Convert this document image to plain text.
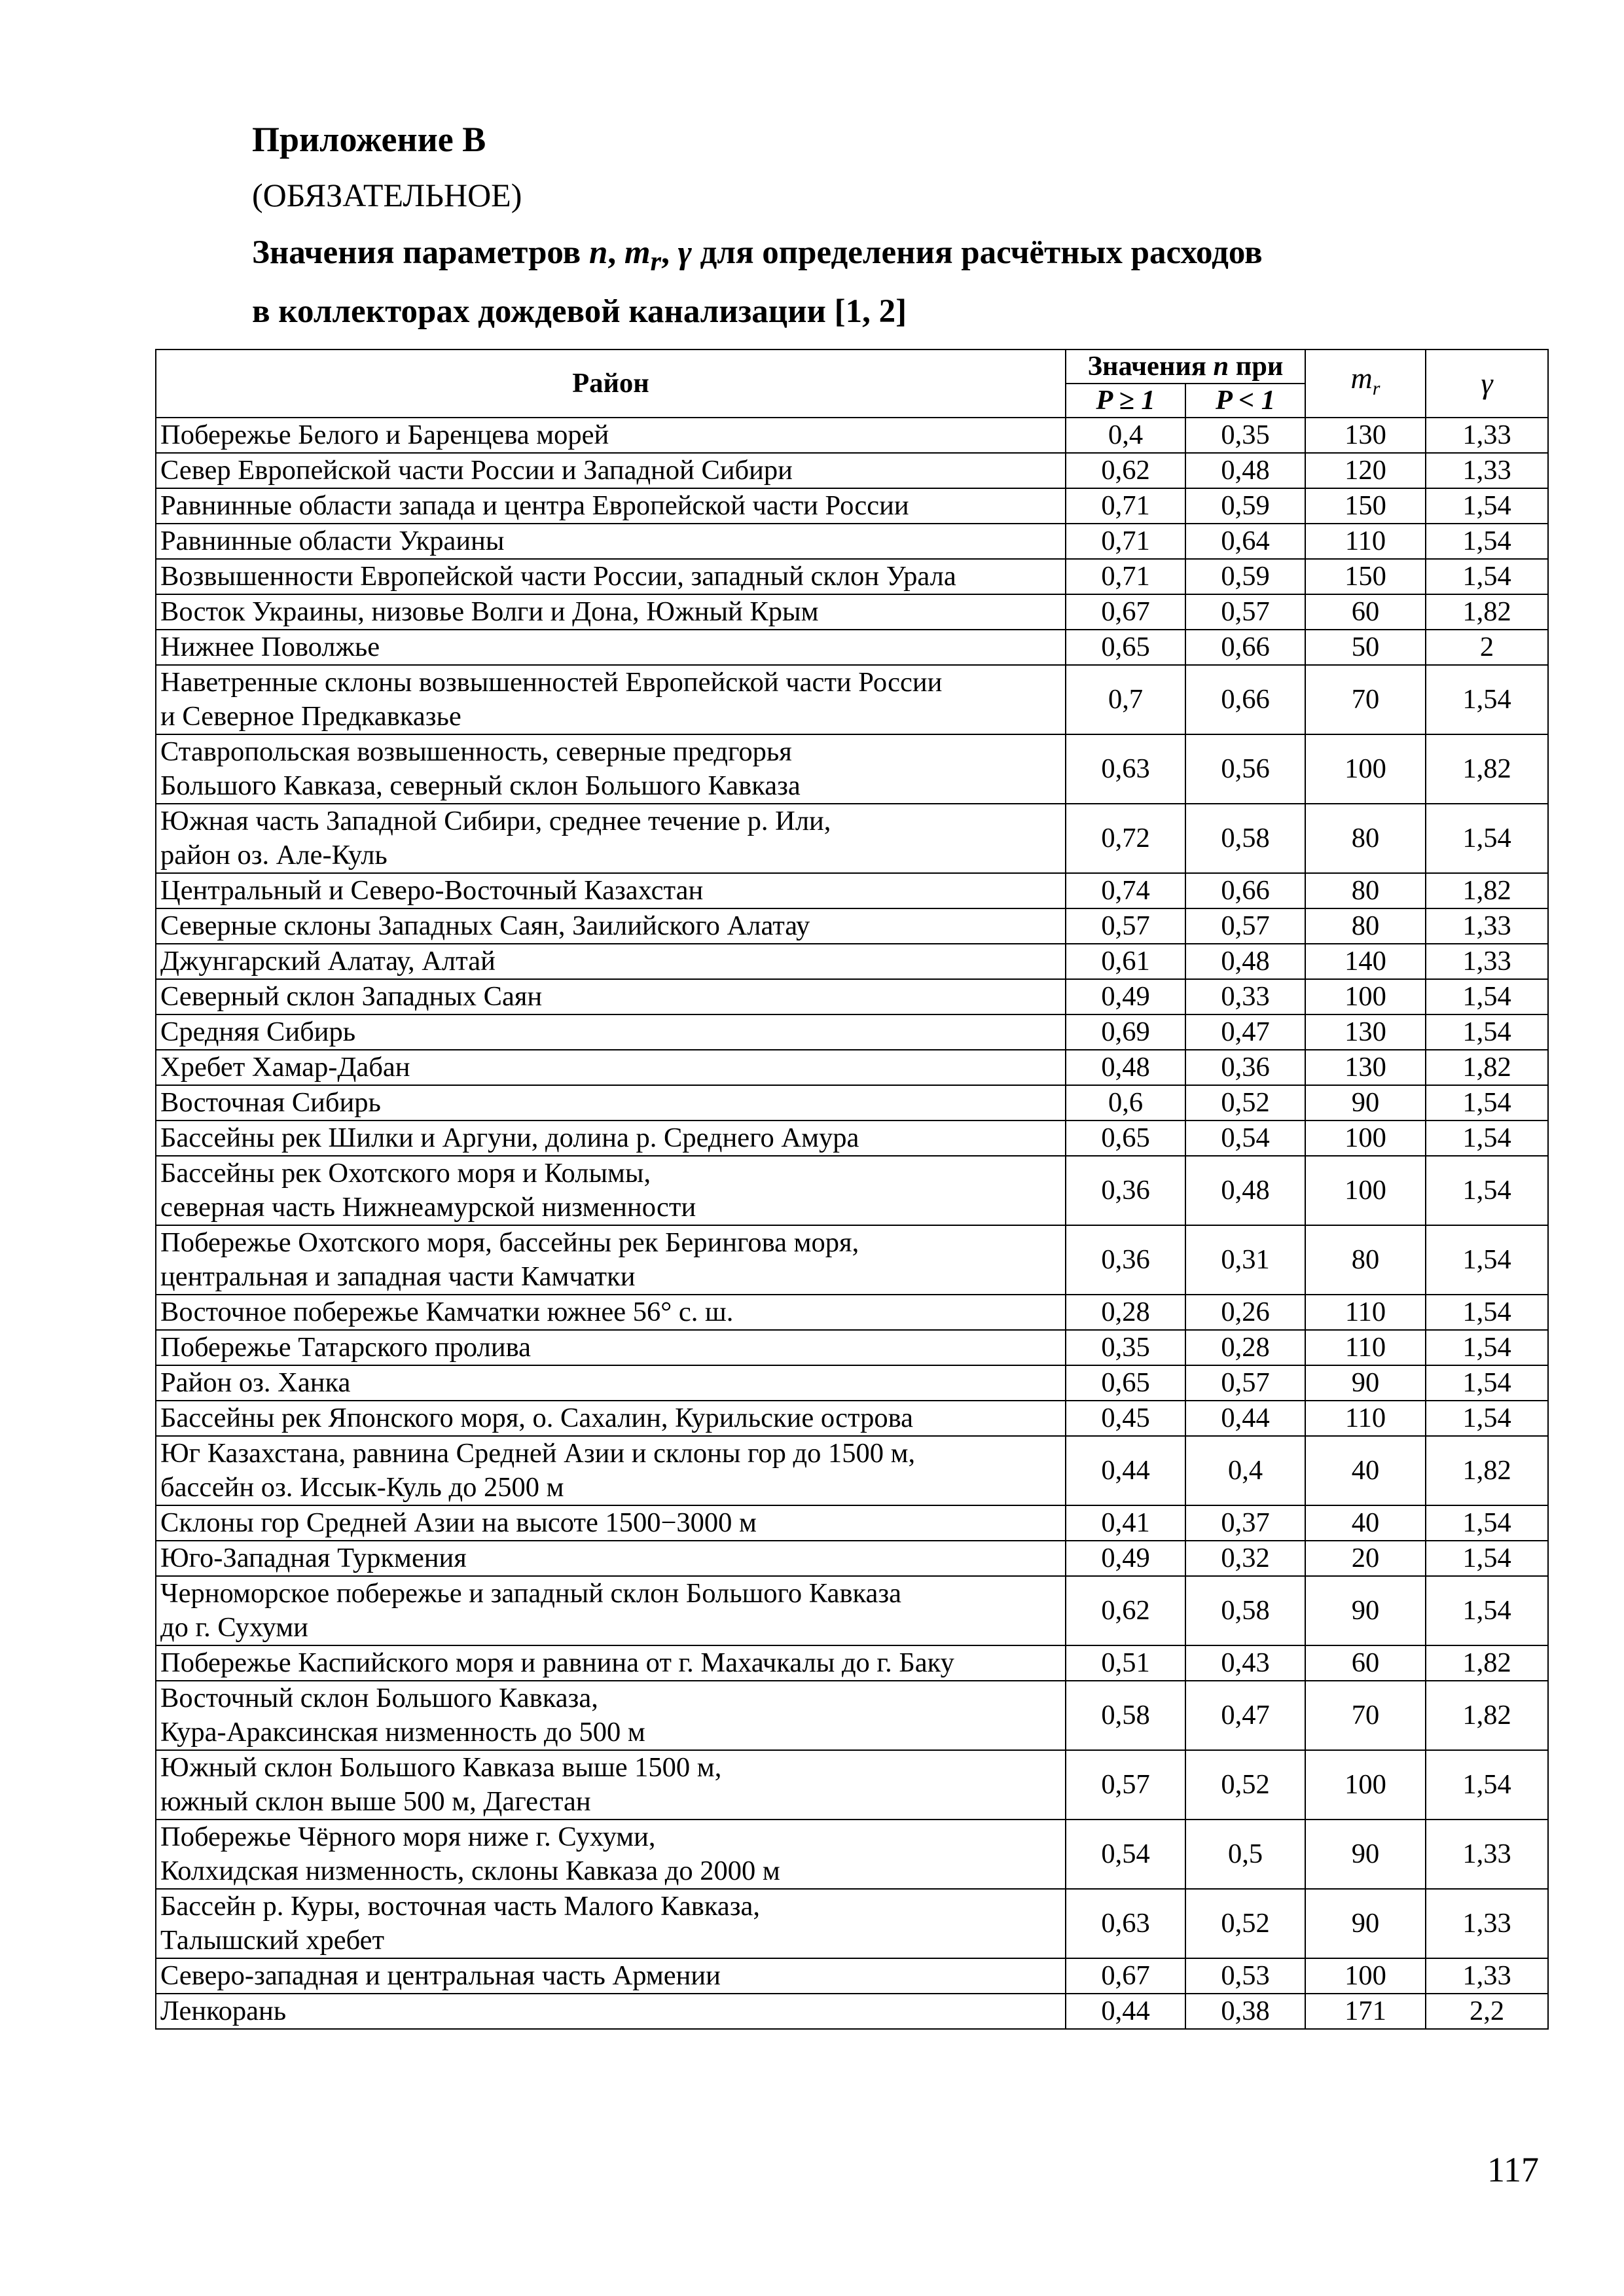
Приложение В
(ОБЯЗАТЕЛЬНОЕ)
Значения параметров n, $m_r$, γ для определения расчётных расходов
в коллекторах дождевой канализации [1, 2]
Район	Значения n при		$m_r$	γ
	P ≥ 1	P < 1		

Побережье Белого и Баренцева морей	0,4	0,35	130	1,33

Север Европейской части России и Западной Сибири	0,62	0,48	120	1,33

Равнинные области запада и центра Европейской части России	0,71	0,59	150	1,54

Равнинные области Украины	0,71	0,64	110	1,54

Возвышенности Европейской части России, западный склон Урала	0,71	0,59	150	1,54

Восток Украины, низовье Волги и Дона, Южный Крым	0,67	0,57	60	1,82

Нижнее Поволжье	0,65	0,66	50	2

Наветренные склоны возвышенностей Европейской части России
и Северное Предкавказье	0,7	0,66	70	1,54

Ставропольская возвышенность, северные предгорья
Большого Кавказа, северный склон Большого Кавказа	0,63	0,56	100	1,82

Южная часть Западной Сибири, среднее течение р. Или,
район оз. Але-Куль	0,72	0,58	80	1,54

Центральный и Северо-Восточный Казахстан	0,74	0,66	80	1,82

Северные склоны Западных Саян, Заилийского Алатау	0,57	0,57	80	1,33

Джунгарский Алатау, Алтай	0,61	0,48	140	1,33

Северный склон Западных Саян	0,49	0,33	100	1,54

Средняя Сибирь	0,69	0,47	130	1,54

Хребет Хамар-Дабан	0,48	0,36	130	1,82

Восточная Сибирь	0,6	0,52	90	1,54

Бассейны рек Шилки и Аргуни, долина р. Среднего Амура	0,65	0,54	100	1,54

Бассейны рек Охотского моря и Колымы,
северная часть Нижнеамурской низменности	0,36	0,48	100	1,54

Побережье Охотского моря, бассейны рек Берингова моря,
центральная и западная части Камчатки	0,36	0,31	80	1,54

Восточное побережье Камчатки южнее 56° с. ш.	0,28	0,26	110	1,54

Побережье Татарского пролива	0,35	0,28	110	1,54

Район оз. Ханка	0,65	0,57	90	1,54

Бассейны рек Японского моря, о. Сахалин, Курильские острова	0,45	0,44	110	1,54

Юг Казахстана, равнина Средней Азии и склоны гор до 1500 м,
бассейн оз. Иссык-Куль до 2500 м	0,44	0,4	40	1,82

Склоны гор Средней Азии на высоте 1500−3000 м	0,41	0,37	40	1,54

Юго-Западная Туркмения	0,49	0,32	20	1,54

Черноморское побережье и западный склон Большого Кавказа
до г. Сухуми	0,62	0,58	90	1,54

Побережье Каспийского моря и равнина от г. Махачкалы до г. Баку	0,51	0,43	60	1,82

Восточный склон Большого Кавказа,
Кура-Араксинская низменность до 500 м	0,58	0,47	70	1,82

Южный склон Большого Кавказа выше 1500 м,
южный склон выше 500 м, Дагестан	0,57	0,52	100	1,54

Побережье Чёрного моря ниже г. Сухуми,
Колхидская низменность, склоны Кавказа до 2000 м	0,54	0,5	90	1,33

Бассейн р. Куры, восточная часть Малого Кавказа,
Талышский хребет	0,63	0,52	90	1,33

Северо-западная и центральная часть Армении	0,67	0,53	100	1,33

Ленкорань	0,44	0,38	171	2,2
117
